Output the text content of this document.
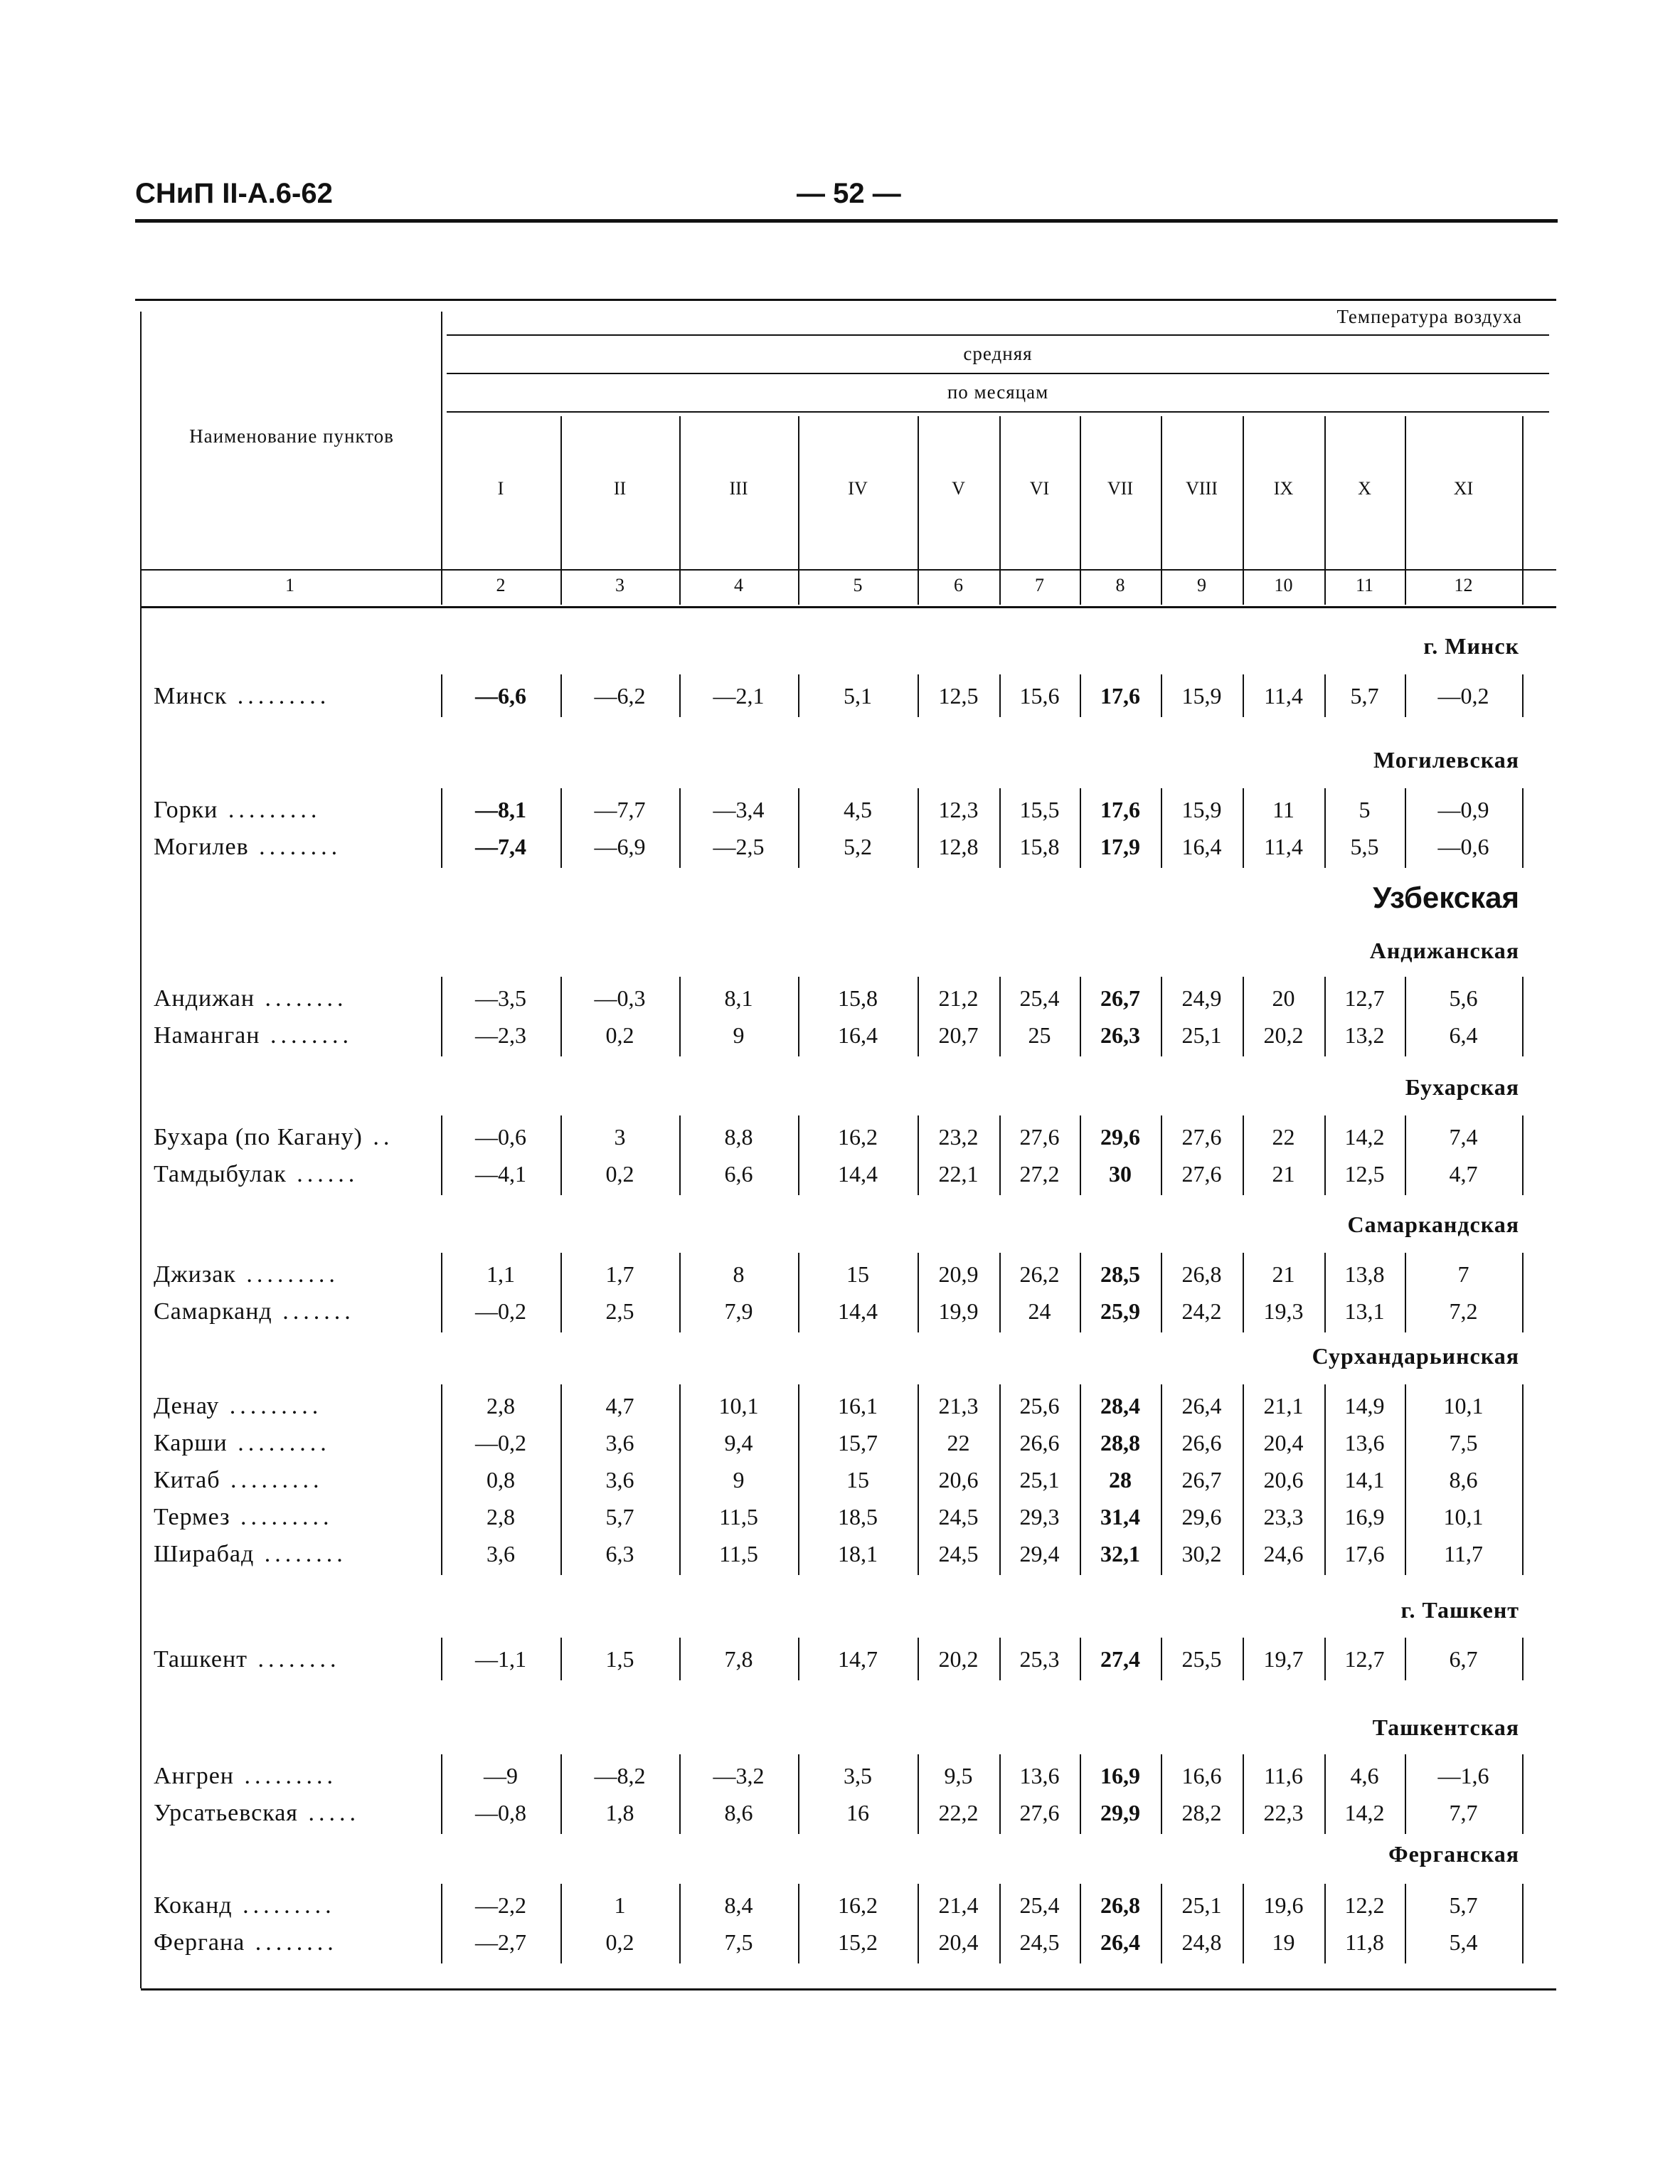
СНиП II-А.6-62	— 52 —
Температура воздуха
средняя
по месяцам
Наименование пунктов
I	II	III	IV	V	VI	VII	VIII	IX	X	XI
1	2	3	4	5	6	7	8	9	10	11	12
г. Минск
Минск .........	—6,6	—6,2	—2,1	5,1	12,5	15,6	17,6	15,9	11,4	5,7	—0,2
Могилевская
Горки .........	—8,1	—7,7	—3,4	4,5	12,3	15,5	17,6	15,9	11	5	—0,9
Могилев ........	—7,4	—6,9	—2,5	5,2	12,8	15,8	17,9	16,4	11,4	5,5	—0,6
Узбекская
Андижанская
Андижан ........	—3,5	—0,3	8,1	15,8	21,2	25,4	26,7	24,9	20	12,7	5,6
Наманган ........	—2,3	0,2	9	16,4	20,7	25	26,3	25,1	20,2	13,2	6,4
Бухарская
Бухара (по Кагану) ..	—0,6	3	8,8	16,2	23,2	27,6	29,6	27,6	22	14,2	7,4
Тамдыбулак ......	—4,1	0,2	6,6	14,4	22,1	27,2	30	27,6	21	12,5	4,7
Самаркандская
Джизак .........	1,1	1,7	8	15	20,9	26,2	28,5	26,8	21	13,8	7
Самарканд .......	—0,2	2,5	7,9	14,4	19,9	24	25,9	24,2	19,3	13,1	7,2
Сурхандарьинская
Денау .........	2,8	4,7	10,1	16,1	21,3	25,6	28,4	26,4	21,1	14,9	10,1
Карши .........	—0,2	3,6	9,4	15,7	22	26,6	28,8	26,6	20,4	13,6	7,5
Китаб .........	0,8	3,6	9	15	20,6	25,1	28	26,7	20,6	14,1	8,6
Термез .........	2,8	5,7	11,5	18,5	24,5	29,3	31,4	29,6	23,3	16,9	10,1
Ширабад ........	3,6	6,3	11,5	18,1	24,5	29,4	32,1	30,2	24,6	17,6	11,7
г. Ташкент
Ташкент ........	—1,1	1,5	7,8	14,7	20,2	25,3	27,4	25,5	19,7	12,7	6,7
Ташкентская
Ангрен .........	—9	—8,2	—3,2	3,5	9,5	13,6	16,9	16,6	11,6	4,6	—1,6
Урсатьевская .....	—0,8	1,8	8,6	16	22,2	27,6	29,9	28,2	22,3	14,2	7,7
Ферганская
Коканд .........	—2,2	1	8,4	16,2	21,4	25,4	26,8	25,1	19,6	12,2	5,7
Фергана ........	—2,7	0,2	7,5	15,2	20,4	24,5	26,4	24,8	19	11,8	5,4
